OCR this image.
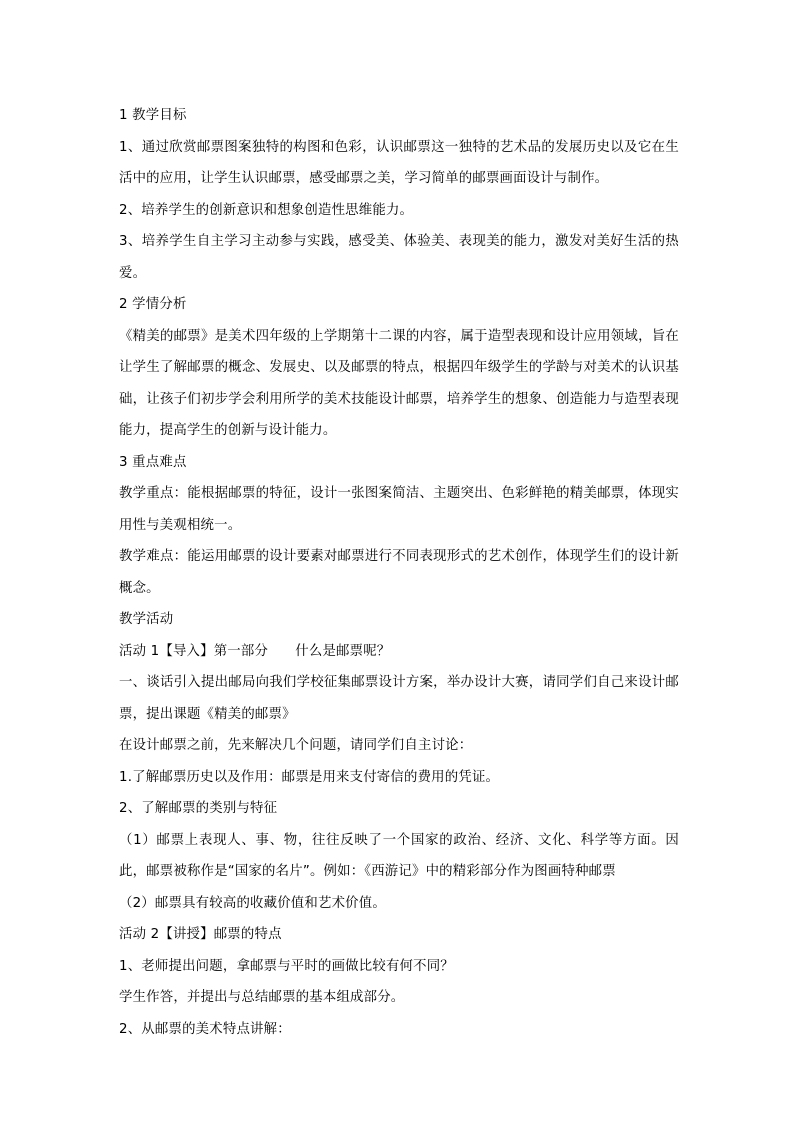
1 教学目标

1、通过欣赏邮票图案独特的构图和色彩，认识邮票这一独特的艺术品的发展历史以及它在生活中的应用，让学生认识邮票，感受邮票之美，学习简单的邮票画面设计与制作。

2、培养学生的创新意识和想象创造性思维能力。

3、培养学生自主学习主动参与实践，感受美、体验美、表现美的能力，激发对美好生活的热爱。

2 学情分析

《精美的邮票》是美术四年级的上学期第十二课的内容，属于造型表现和设计应用领域，旨在让学生了解邮票的概念、发展史、以及邮票的特点，根据四年级学生的学龄与对美术的认识基础，让孩子们初步学会利用所学的美术技能设计邮票，培养学生的想象、创造能力与造型表现能力，提高学生的创新与设计能力。

3 重点难点

教学重点：能根据邮票的特征，设计一张图案简洁、主题突出、色彩鲜艳的精美邮票，体现实用性与美观相统一。

教学难点：能运用邮票的设计要素对邮票进行不同表现形式的艺术创作，体现学生们的设计新概念。

教学活动

活动 1【导入】第一部分　　什么是邮票呢？

一、谈话引入提出邮局向我们学校征集邮票设计方案，举办设计大赛，请同学们自己来设计邮票，提出课题《精美的邮票》

在设计邮票之前，先来解决几个问题，请同学们自主讨论：

1.了解邮票历史以及作用：邮票是用来支付寄信的费用的凭证。

2、了解邮票的类别与特征

（1）邮票上表现人、事、物，往往反映了一个国家的政治、经济、文化、科学等方面。因此，邮票被称作是“国家的名片”。例如：《西游记》中的精彩部分作为图画特种邮票

（2）邮票具有较高的收藏价值和艺术价值。

活动 2【讲授】邮票的特点

1、老师提出问题，拿邮票与平时的画做比较有何不同？

学生作答，并提出与总结邮票的基本组成部分。

2、从邮票的美术特点讲解：
